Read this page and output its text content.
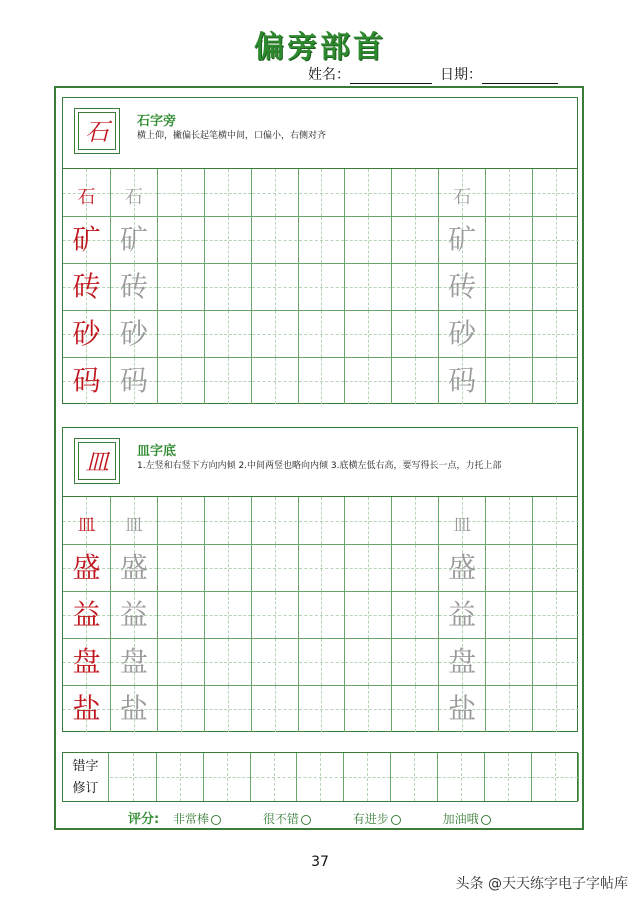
偏旁部首
姓名：	日期：
石	石字旁
横上仰，撇偏长起笔横中间，口偏小，右侧对齐
石	石	石
矿 矿	矿
砖 砖	砖
砂 砂	砂
码 码	码
皿	皿字底
1.左竖和右竖下方向内倾 2.中间两竖也略向内倾 3.底横左低右高，要写得长一点，力托上部
皿	皿	皿
盛 盛	盛
益 益	益
盘 盘	盘
盐 盐	盐
错字
修订
评分: 非常棒	很不错	有进步	加油哦
37
头条 @天天练字电子字帖库
